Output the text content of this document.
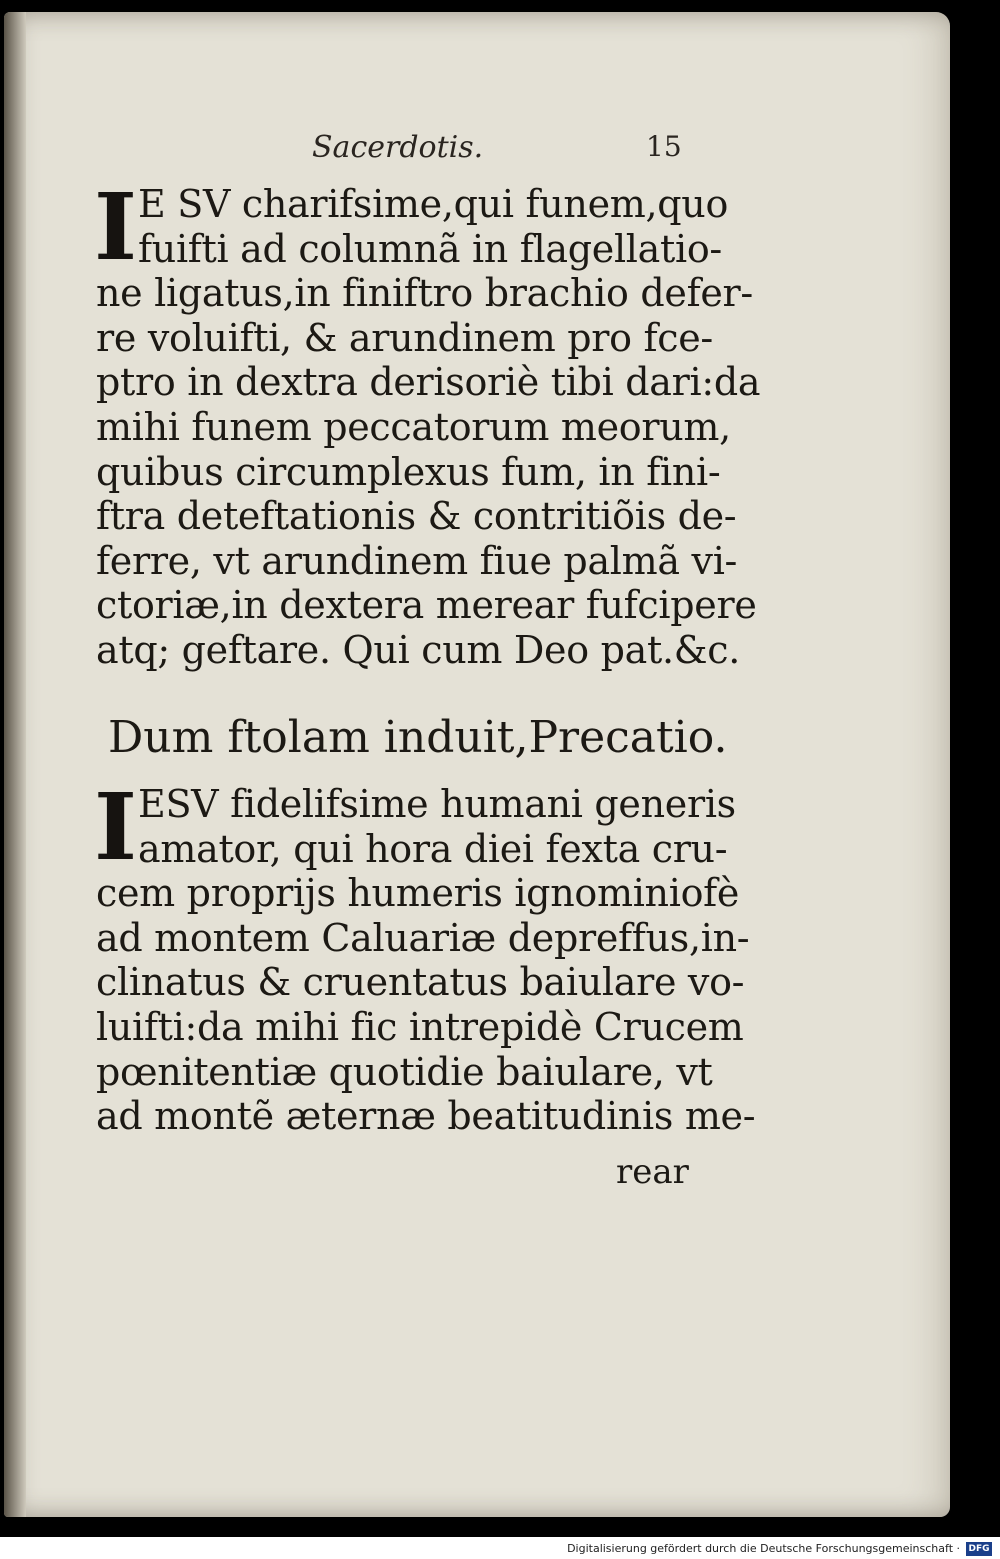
Sacerdotis.	15
I E SV charifsime,qui funem,quo
fuifti ad columnã in flagellatio-
ne ligatus,in finiftro brachio defer-
re voluifti, & arundinem pro fce-
ptro in dextra derisoriè tibi dari:da
mihi funem peccatorum meorum,
quibus circumplexus fum, in fini-
ftra deteftationis & contritiõis de-
ferre, vt arundinem fiue palmã vi-
ctoriæ,in dextera merear fufcipere
atq; geftare. Qui cum Deo pat.&c.
Dum ftolam induit,Precatio.
I ESV fidelifsime humani generis
amator, qui hora diei fexta cru-
cem proprijs humeris ignominiofè
ad montem Caluariæ depreffus,in-
clinatus & cruentatus baiulare vo-
luifti:da mihi fic intrepidè Crucem
pœnitentiæ quotidie baiulare, vt
ad montẽ æternæ beatitudinis me-
rear
Digitalisierung gefördert durch die Deutsche Forschungsgemeinschaft · DFG
